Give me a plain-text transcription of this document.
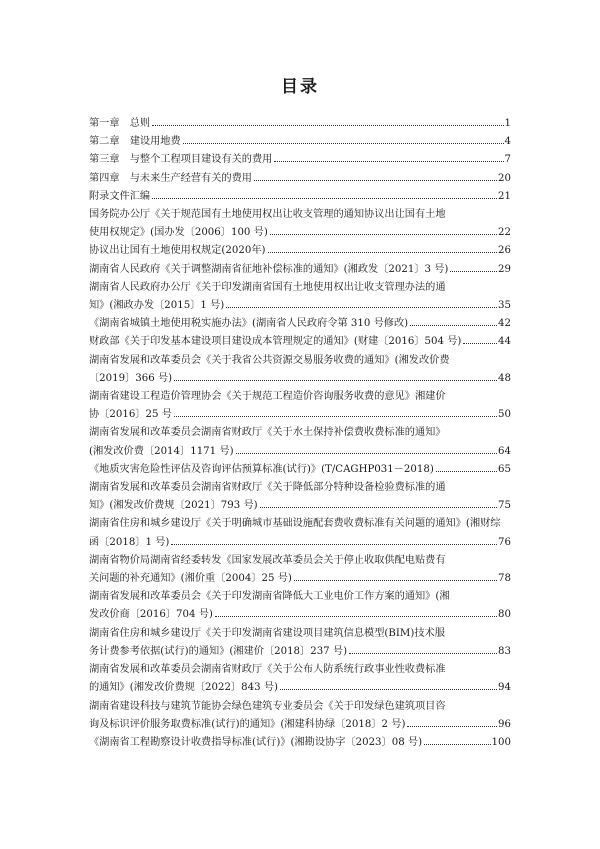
目录
第一章　总则	1
第二章　建设用地费	4
第三章　与整个工程项目建设有关的费用	7
第四章　与未来生产经营有关的费用	20
附录文件汇编	21
国务院办公厅《关于规范国有土地使用权出让收支管理的通知协议出让国有土地
使用权规定》(国办发〔2006〕100 号)	22
协议出让国有土地使用权规定(2020年)	26
湖南省人民政府《关于调整湖南省征地补偿标准的通知》(湘政发〔2021〕3 号)	29
湖南省人民政府办公厅《关于印发湖南省国有土地使用权出让收支管理办法的通
知》(湘政办发〔2015〕1 号)	35
《湖南省城镇土地使用税实施办法》(湖南省人民政府令第 310 号修改)	42
财政部《关于印发基本建设项目建设成本管理规定的通知》(财建〔2016〕504 号)	44
湖南省发展和改革委员会《关于我省公共资源交易服务收费的通知》(湘发改价费
〔2019〕366 号)	48
湖南省建设工程造价管理协会《关于规范工程造价咨询服务收费的意见》湘建价
协〔2016〕25 号	50
湖南省发展和改革委员会湖南省财政厅《关于水土保持补偿费收费标准的通知》
(湘发改价费〔2014〕1171 号)	64
《地质灾害危险性评估及咨询评估预算标准(试行)》(T/CAGHP031－2018)	65
湖南省发展和改革委员会湖南省财政厅《关于降低部分特种设备检验费标准的通
知》(湘发改价费规〔2021〕793 号)	75
湖南省住房和城乡建设厅《关于明确城市基础设施配套费收费标准有关问题的通知》(湘财综
函〔2018〕1 号)	76
湖南省物价局湖南省经委转发《国家发展改革委员会关于停止收取供配电贴费有
关问题的补充通知》(湘价重〔2004〕25 号)	78
湖南省发展和改革委员会《关于印发湖南省降低大工业电价工作方案的通知》(湘
发改价商〔2016〕704 号)	80
湖南省住房和城乡建设厅《关于印发湖南省建设项目建筑信息模型(BIM)技术服
务计费参考依据(试行)的通知》(湘建价〔2018〕237 号)	83
湖南省发展和改革委员会湖南省财政厅《关于公布人防系统行政事业性收费标准
的通知》(湘发改价费规〔2022〕843 号)	94
湖南省建设科技与建筑节能协会绿色建筑专业委员会《关于印发绿色建筑项目咨
询及标识评价服务取费标准(试行)的通知》(湘建科协绿〔2018〕2 号)	96
《湖南省工程勘察设计收费指导标准(试行)》(湘勘设协字〔2023〕08 号)	100
